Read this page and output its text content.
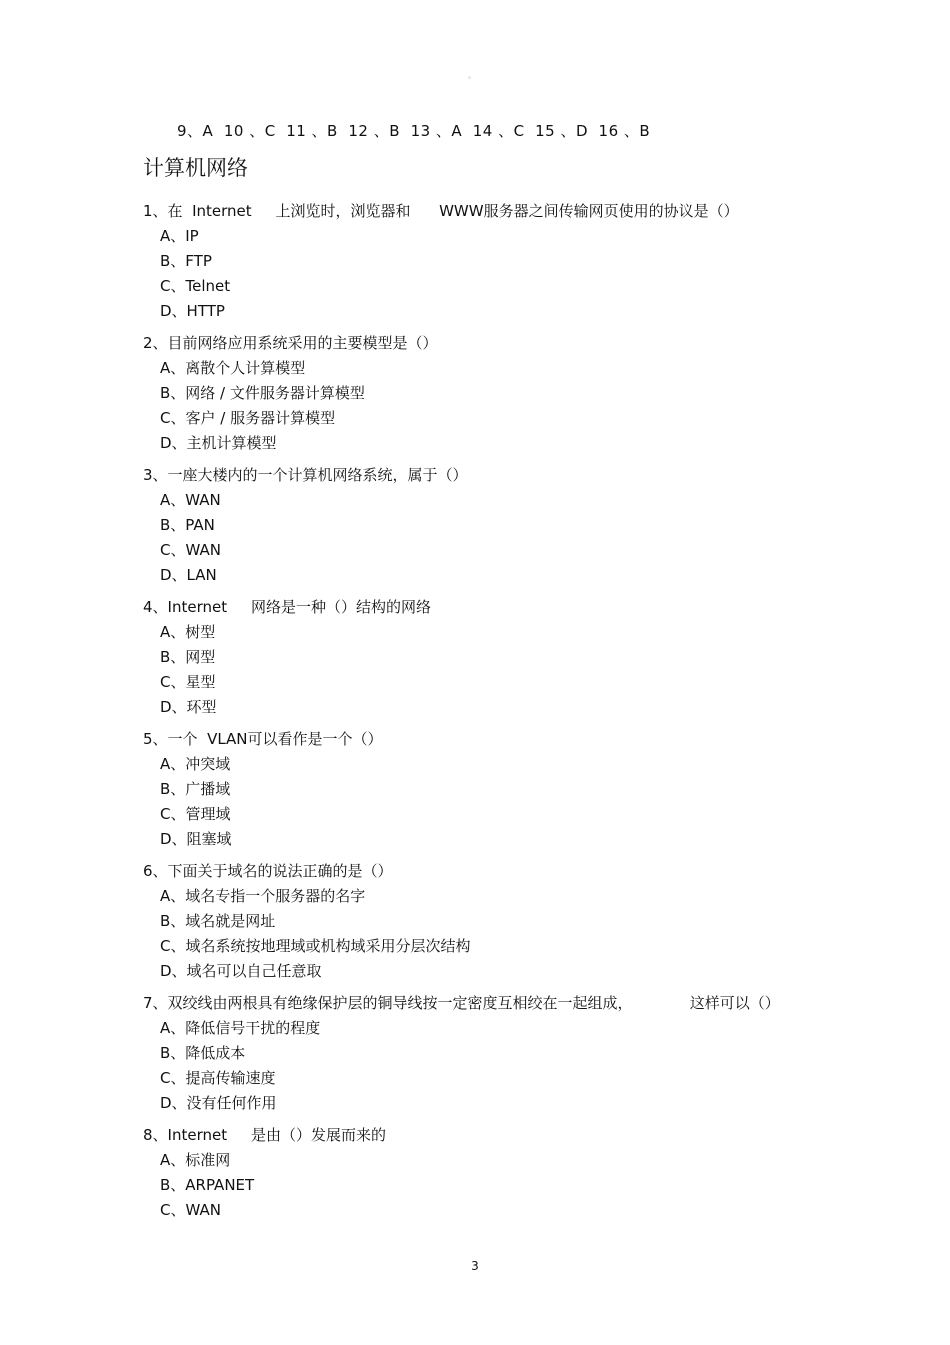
。
9、A  10 、C  11 、B  12 、B  13 、A  14 、C  15 、D  16 、B
计算机网络
1、在  Internet     上浏览时，浏览器和      WWW服务器之间传输网页使用的协议是（）
A、IP
B、FTP
C、Telnet
D、HTTP
2、目前网络应用系统采用的主要模型是（）
A、离散个人计算模型
B、网络 / 文件服务器计算模型
C、客户 / 服务器计算模型
D、主机计算模型
3、一座大楼内的一个计算机网络系统，属于（）
A、WAN
B、PAN
C、WAN
D、LAN
4、Internet     网络是一种（）结构的网络
A、树型
B、网型
C、星型
D、环型
5、一个  VLAN可以看作是一个（）
A、冲突域
B、广播域
C、管理域
D、阻塞域
6、下面关于域名的说法正确的是（）
A、域名专指一个服务器的名字
B、域名就是网址
C、域名系统按地理域或机构域采用分层次结构
D、域名可以自己任意取
7、双绞线由两根具有绝缘保护层的铜导线按一定密度互相绞在一起组成，            这样可以（）
A、降低信号干扰的程度
B、降低成本
C、提高传输速度
D、没有任何作用
8、Internet     是由（）发展而来的
A、标准网
B、ARPANET
C、WAN
3
